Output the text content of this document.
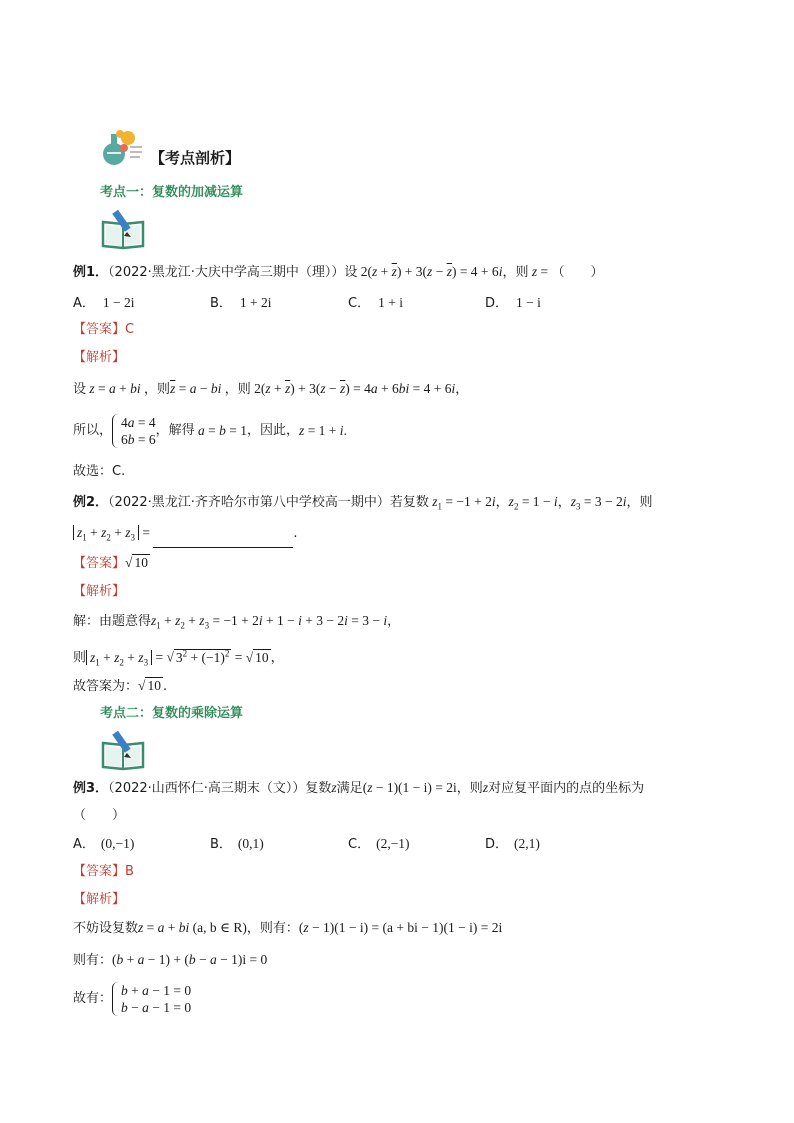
【考点剖析】
考点一：复数的加减运算
例1．（2022·黑龙江·大庆中学高三期中（理））设 $2(z + \overline{z}) + 3(z - \overline{z}) = 4 + 6i$，则 z = （　　）
A． 1 − 2i	B． 1 + 2i	C． 1 + i	D． 1 − i
【答案】C
【解析】
设 z = a + bi ，则$\overline{z} = a$ − bi ，则 $2(z + \overline{z}) + 3(z - \overline{z}) = 4a + 6bi = 4 + 6i$，
所以，
4a = 4
6b = 6
，解得 a = b = 1，因此，z = 1 + i.
故选：C.
例2．（2022·黑龙江·齐齐哈尔市第八中学校高一期中）若复数 $z_1 = -1 + 2i$，$z_2 = 1 - i$，$z_3 = 3 - 2i$，则
$z_1 + z_2 + z_3$ =	.
【答案】√ 10
【解析】
解：由题意得$z_1 + z_2 + z_3 = -1 + 2i + 1 - i + 3 - 2i = 3 - i$，
则 $z_1 + z_2 + z_3$ = √ $3^2 + (-1)^2$ = √ 10 ，
故答案为：√ 10 .
考点二：复数的乘除运算
例3．（2022·山西怀仁·高三期末（文））复数z满足(z − 1)(1 − i) = 2i，则z对应复平面内的点的坐标为
（　　）
A． (0,−1)	B． (0,1)	C． (2,−1)	D． (2,1)
【答案】B
【解析】
不妨设复数z = a + bi (a, b ∈ R)，则有：(z − 1)(1 − i) = (a + bi − 1)(1 − i) = 2i
则有：(b + a − 1) + (b − a − 1)i = 0
故有：
b + a − 1 = 0
b − a − 1 = 0
